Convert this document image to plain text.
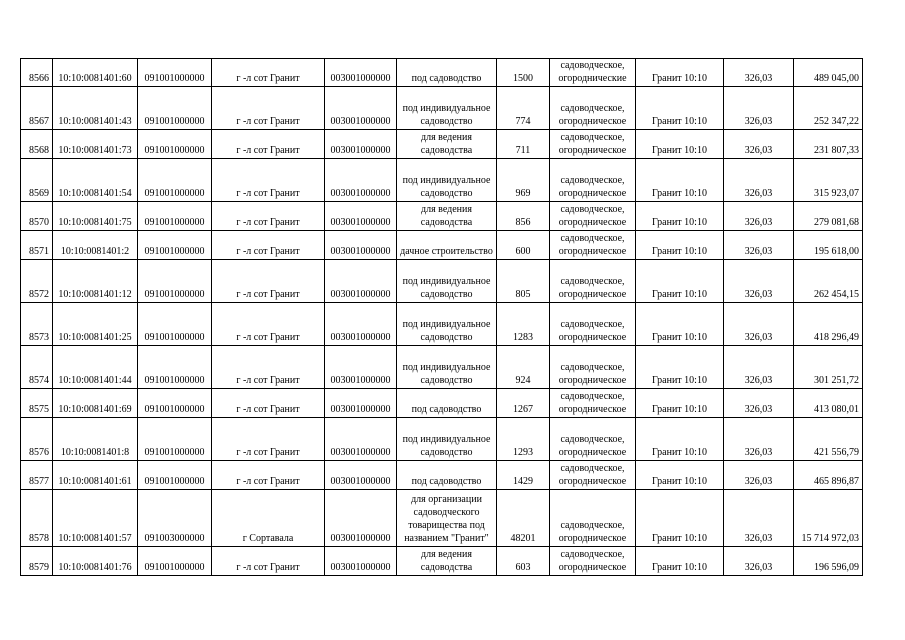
8566	10:10:0081401:60	091001000000	г -л сот Гранит	003001000000	под садоводство	1500	садоводческое, огороднические	Гранит 10:10	326,03	489 045,00
8567	10:10:0081401:43	091001000000	г -л сот Гранит	003001000000	под индивидуальное садоводство	774	садоводческое, огородническое	Гранит 10:10	326,03	252 347,22
8568	10:10:0081401:73	091001000000	г -л сот Гранит	003001000000	для ведения садоводства	711	садоводческое, огородническое	Гранит 10:10	326,03	231 807,33
8569	10:10:0081401:54	091001000000	г -л сот Гранит	003001000000	под индивидуальное садоводство	969	садоводческое, огородническое	Гранит 10:10	326,03	315 923,07
8570	10:10:0081401:75	091001000000	г -л сот Гранит	003001000000	для ведения садоводства	856	садоводческое, огородническое	Гранит 10:10	326,03	279 081,68
8571	10:10:0081401:2	091001000000	г -л сот Гранит	003001000000	дачное строительство	600	садоводческое, огородническое	Гранит 10:10	326,03	195 618,00
8572	10:10:0081401:12	091001000000	г -л сот Гранит	003001000000	под индивидуальное садоводство	805	садоводческое, огородническое	Гранит 10:10	326,03	262 454,15
8573	10:10:0081401:25	091001000000	г -л сот Гранит	003001000000	под индивидуальное садоводство	1283	садоводческое, огородническое	Гранит 10:10	326,03	418 296,49
8574	10:10:0081401:44	091001000000	г -л сот Гранит	003001000000	под индивидуальное садоводство	924	садоводческое, огородническое	Гранит 10:10	326,03	301 251,72
8575	10:10:0081401:69	091001000000	г -л сот Гранит	003001000000	под садоводство	1267	садоводческое, огородническое	Гранит 10:10	326,03	413 080,01
8576	10:10:0081401:8	091001000000	г -л сот Гранит	003001000000	под индивидуальное садоводство	1293	садоводческое, огородническое	Гранит 10:10	326,03	421 556,79
8577	10:10:0081401:61	091001000000	г -л сот Гранит	003001000000	под садоводство	1429	садоводческое, огородническое	Гранит 10:10	326,03	465 896,87
8578	10:10:0081401:57	091003000000	г Сортавала	003001000000	для организации садоводческого товарищества под названием "Гранит"	48201	садоводческое, огородническое	Гранит 10:10	326,03	15 714 972,03
8579	10:10:0081401:76	091001000000	г -л сот Гранит	003001000000	для ведения садоводства	603	садоводческое, огородническое	Гранит 10:10	326,03	196 596,09
